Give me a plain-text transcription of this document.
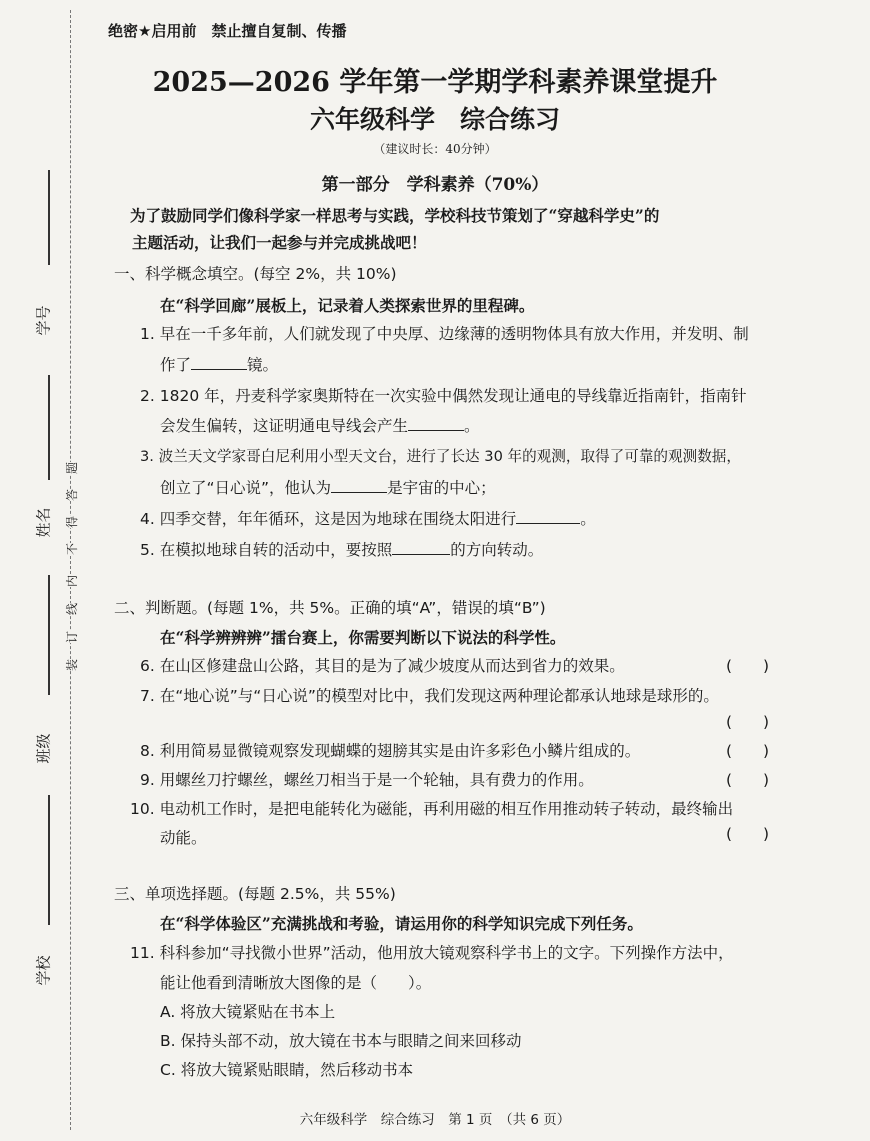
学号
姓名
班级
学校
题
答
得
不
内
线
订
装
绝密★启用前　禁止擅自复制、传播
2025—2026 学年第一学期学科素养课堂提升
六年级科学　综合练习
（建议时长：40分钟）
第一部分　学科素养（70%）
为了鼓励同学们像科学家一样思考与实践，学校科技节策划了“穿越科学史”的
主题活动，让我们一起参与并完成挑战吧！
一、科学概念填空。(每空 2%，共 10%)
在“科学回廊”展板上，记录着人类探索世界的里程碑。
1. 早在一千多年前，人们就发现了中央厚、边缘薄的透明物体具有放大作用，并发明、制
作了	镜。
2. 1820 年，丹麦科学家奥斯特在一次实验中偶然发现让通电的导线靠近指南针，指南针
会发生偏转，这证明通电导线会产生	。
3. 波兰天文学家哥白尼利用小型天文台，进行了长达 30 年的观测，取得了可靠的观测数据，
创立了“日心说”，他认为	是宇宙的中心；
4. 四季交替，年年循环，这是因为地球在围绕太阳进行	。
5. 在模拟地球自转的活动中，要按照	的方向转动。
二、判断题。(每题 1%，共 5%。正确的填“A”，错误的填“B”)
在“科学辨辨辨”擂台赛上，你需要判断以下说法的科学性。
6. 在山区修建盘山公路，其目的是为了减少坡度从而达到省力的效果。	(　　)
7. 在“地心说”与“日心说”的模型对比中，我们发现这两种理论都承认地球是球形的。
(　　)
8. 利用简易显微镜观察发现蝴蝶的翅膀其实是由许多彩色小鳞片组成的。	(　　)
9. 用螺丝刀拧螺丝，螺丝刀相当于是一个轮轴，具有费力的作用。	(　　)
10. 电动机工作时，是把电能转化为磁能，再利用磁的相互作用推动转子转动，最终输出
动能。	(　　)
三、单项选择题。(每题 2.5%，共 55%)
在“科学体验区”充满挑战和考验，请运用你的科学知识完成下列任务。
11. 科科参加“寻找微小世界”活动，他用放大镜观察科学书上的文字。下列操作方法中，
能让他看到清晰放大图像的是（　　）。
A. 将放大镜紧贴在书本上
B. 保持头部不动，放大镜在书本与眼睛之间来回移动
C. 将放大镜紧贴眼睛，然后移动书本
六年级科学　综合练习　第 1 页　（共 6 页）
